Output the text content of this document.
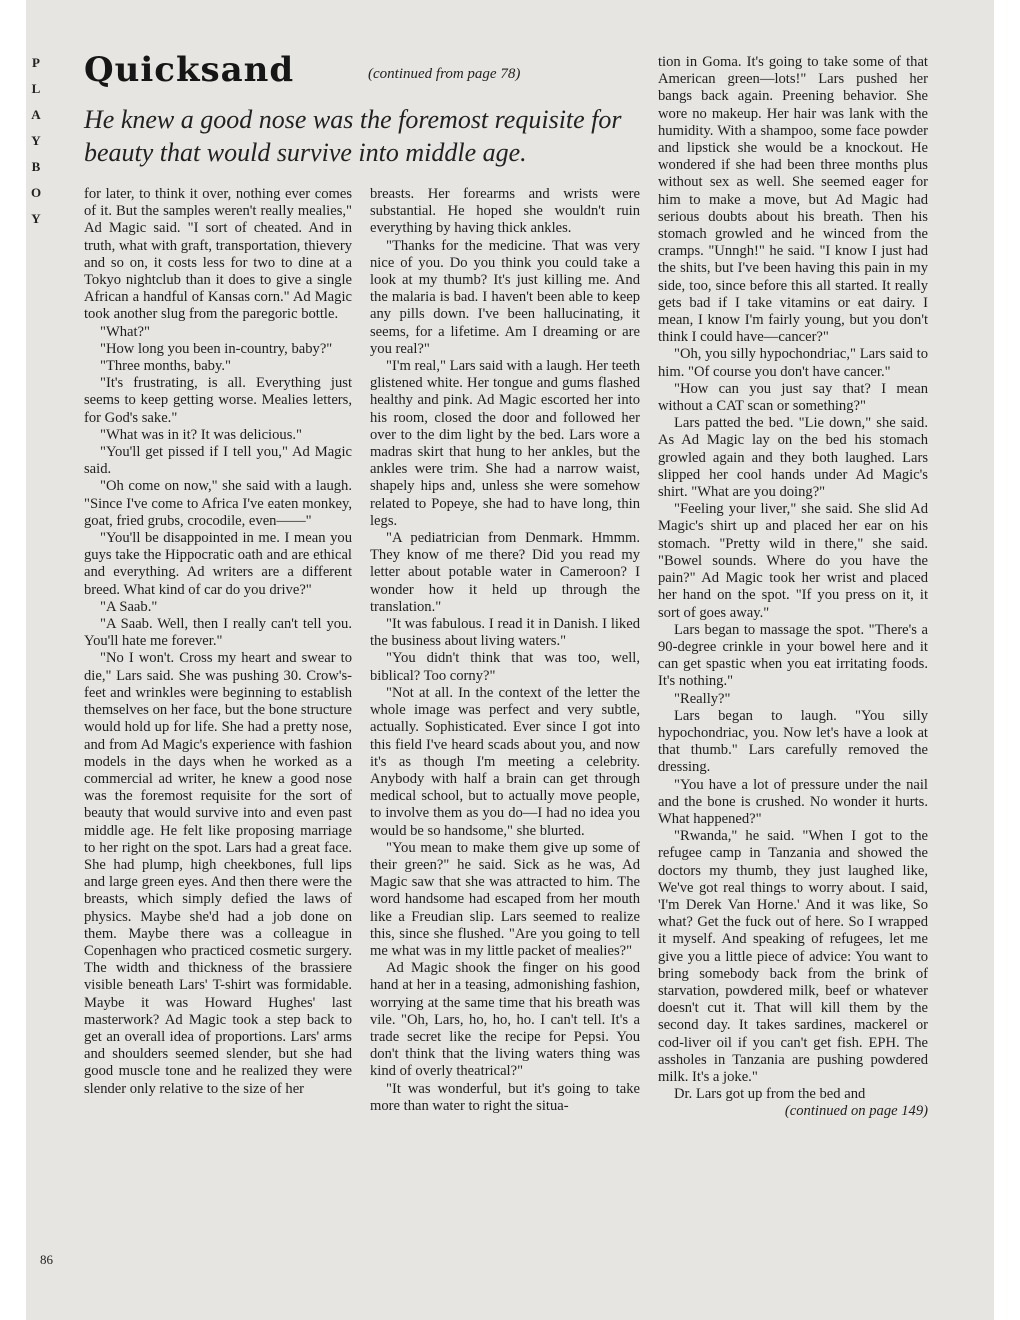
P
L
A
Y
B
O
Y
Quicksand	(continued from page 78)
He knew a good nose was the foremost requisite for beauty that would survive into middle age.

for later, to think it over, nothing ever comes of it. But the samples weren't really mealies," Ad Magic said. "I sort of cheated. And in truth, what with graft, transportation, thievery and so on, it costs less for two to dine at a Tokyo nightclub than it does to give a single African a handful of Kansas corn." Ad Magic took another slug from the paregoric bottle.

"What?"

"How long you been in-country, baby?"

"Three months, baby."

"It's frustrating, is all. Everything just seems to keep getting worse. Mealies letters, for God's sake."

"What was in it? It was delicious."

"You'll get pissed if I tell you," Ad Magic said.

"Oh come on now," she said with a laugh. "Since I've come to Africa I've eaten monkey, goat, fried grubs, crocodile, even——"

"You'll be disappointed in me. I mean you guys take the Hippocratic oath and are ethical and everything. Ad writers are a different breed. What kind of car do you drive?"

"A Saab."

"A Saab. Well, then I really can't tell you. You'll hate me forever."

"No I won't. Cross my heart and swear to die," Lars said. She was pushing 30. Crow's-feet and wrinkles were beginning to establish themselves on her face, but the bone structure would hold up for life. She had a pretty nose, and from Ad Magic's experience with fashion models in the days when he worked as a commercial ad writer, he knew a good nose was the foremost requisite for the sort of beauty that would survive into and even past middle age. He felt like proposing marriage to her right on the spot. Lars had a great face. She had plump, high cheekbones, full lips and large green eyes. And then there were the breasts, which simply defied the laws of physics. Maybe she'd had a job done on them. Maybe there was a colleague in Copenhagen who practiced cosmetic surgery. The width and thickness of the brassiere visible beneath Lars' T-shirt was formidable. Maybe it was Howard Hughes' last masterwork? Ad Magic took a step back to get an overall idea of proportions. Lars' arms and shoulders seemed slender, but she had good muscle tone and he realized they were slender only relative to the size of her

breasts. Her forearms and wrists were substantial. He hoped she wouldn't ruin everything by having thick ankles.

"Thanks for the medicine. That was very nice of you. Do you think you could take a look at my thumb? It's just killing me. And the malaria is bad. I haven't been able to keep any pills down. I've been hallucinating, it seems, for a lifetime. Am I dreaming or are you real?"

"I'm real," Lars said with a laugh. Her teeth glistened white. Her tongue and gums flashed healthy and pink. Ad Magic escorted her into his room, closed the door and followed her over to the dim light by the bed. Lars wore a madras skirt that hung to her ankles, but the ankles were trim. She had a narrow waist, shapely hips and, unless she were somehow related to Popeye, she had to have long, thin legs.

"A pediatrician from Denmark. Hmmm. They know of me there? Did you read my letter about potable water in Cameroon? I wonder how it held up through the translation."

"It was fabulous. I read it in Danish. I liked the business about living waters."

"You didn't think that was too, well, biblical? Too corny?"

"Not at all. In the context of the letter the whole image was perfect and very subtle, actually. Sophisticated. Ever since I got into this field I've heard scads about you, and now it's as though I'm meeting a celebrity. Anybody with half a brain can get through medical school, but to actually move people, to involve them as you do—I had no idea you would be so handsome," she blurted.

"You mean to make them give up some of their green?" he said. Sick as he was, Ad Magic saw that she was attracted to him. The word handsome had escaped from her mouth like a Freudian slip. Lars seemed to realize this, since she flushed. "Are you going to tell me what was in my little packet of mealies?"

Ad Magic shook the finger on his good hand at her in a teasing, admonishing fashion, worrying at the same time that his breath was vile. "Oh, Lars, ho, ho, ho. I can't tell. It's a trade secret like the recipe for Pepsi. You don't think that the living waters thing was kind of overly theatrical?"

"It was wonderful, but it's going to take more than water to right the situa-

tion in Goma. It's going to take some of that American green—lots!" Lars pushed her bangs back again. Preening behavior. She wore no makeup. Her hair was lank with the humidity. With a shampoo, some face powder and lipstick she would be a knockout. He wondered if she had been three months plus without sex as well. She seemed eager for him to make a move, but Ad Magic had serious doubts about his breath. Then his stomach growled and he winced from the cramps. "Unngh!" he said. "I know I just had the shits, but I've been having this pain in my side, too, since before this all started. It really gets bad if I take vitamins or eat dairy. I mean, I know I'm fairly young, but you don't think I could have—cancer?"

"Oh, you silly hypochondriac," Lars said to him. "Of course you don't have cancer."

"How can you just say that? I mean without a CAT scan or something?"

Lars patted the bed. "Lie down," she said. As Ad Magic lay on the bed his stomach growled again and they both laughed. Lars slipped her cool hands under Ad Magic's shirt. "What are you doing?"

"Feeling your liver," she said. She slid Ad Magic's shirt up and placed her ear on his stomach. "Pretty wild in there," she said. "Bowel sounds. Where do you have the pain?" Ad Magic took her wrist and placed her hand on the spot. "If you press on it, it sort of goes away."

Lars began to massage the spot. "There's a 90-degree crinkle in your bowel here and it can get spastic when you eat irritating foods. It's nothing."

"Really?"

Lars began to laugh. "You silly hypochondriac, you. Now let's have a look at that thumb." Lars carefully removed the dressing.

"You have a lot of pressure under the nail and the bone is crushed. No wonder it hurts. What happened?"

"Rwanda," he said. "When I got to the refugee camp in Tanzania and showed the doctors my thumb, they just laughed like, We've got real things to worry about. I said, 'I'm Derek Van Horne.' And it was like, So what? Get the fuck out of here. So I wrapped it myself. And speaking of refugees, let me give you a little piece of advice: You want to bring somebody back from the brink of starvation, powdered milk, beef or whatever doesn't cut it. That will kill them by the second day. It takes sardines, mackerel or cod-liver oil if you can't get fish. EPH. The assholes in Tanzania are pushing powdered milk. It's a joke."

Dr. Lars got up from the bed and

(continued on page 149)

86
